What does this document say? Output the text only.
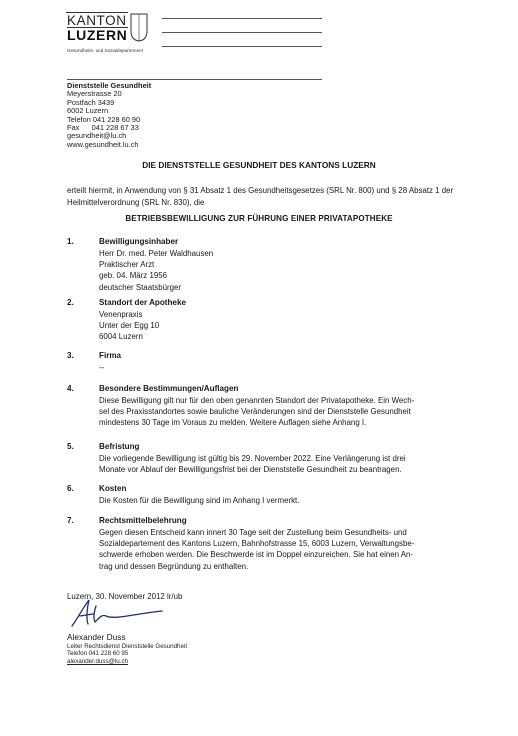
KANTON
LUZERN
Gesundheits- und Sozialdepartement
Dienststelle Gesundheit
Meyerstrasse 20
Postfach 3439
6002 Luzern
Telefon 041 228 60 90
Fax      041 228 67 33
gesundheit@lu.ch
www.gesundheit.lu.ch
DIE DIENSTSTELLE GESUNDHEIT DES KANTONS LUZERN
erteilt hiermit, in Anwendung von § 31 Absatz 1 des Gesundheitsgesetzes (SRL Nr. 800) und § 28 Absatz 1 der Heilmittelverordnung (SRL Nr. 830), die
BETRIEBSBEWILLIGUNG ZUR FÜHRUNG EINER PRIVATAPOTHEKE
1.	Bewilligungsinhaber
Herr Dr. med. Peter Waldhausen
Praktischer Arzt
geb. 04. März 1956
deutscher Staatsbürger
2.	Standort der Apotheke
Venenpraxis
Unter der Egg 10
6004 Luzern
3.	Firma
--
4.	Besondere Bestimmungen/Auflagen
Diese Bewilligung gilt nur für den oben genannten Standort der Privatapotheke. Ein Wech-
sel des Praxisstandortes sowie bauliche Veränderungen sind der Dienststelle Gesundheit
mindestens 30 Tage im Voraus zu melden. Weitere Auflagen siehe Anhang I.
5.	Befristung
Die vorliegende Bewilligung ist gültig bis 29. November 2022. Eine Verlängerung ist drei
Monate vor Ablauf der Bewilligungsfrist bei der Dienststelle Gesundheit zu beantragen.
6.	Kosten
Die Kosten für die Bewilligung sind im Anhang I vermerkt.
7.	Rechtsmittelbelehrung
Gegen diesen Entscheid kann innert 30 Tage seit der Zustellung beim Gesundheits- und
Sozialdepartement des Kantons Luzern, Bahnhofstrasse 15, 6003 Luzern, Verwaltungsbe-
schwerde erhoben werden. Die Beschwerde ist im Doppel einzureichen. Sie hat einen An-
trag und dessen Begründung zu enthalten.
Luzern, 30. November 2012 lr/ub
Alexander Duss
Leiter Rechtsdienst Dienststelle Gesundheit
Telefon 041 228 60 95
alexander.duss@lu.ch
